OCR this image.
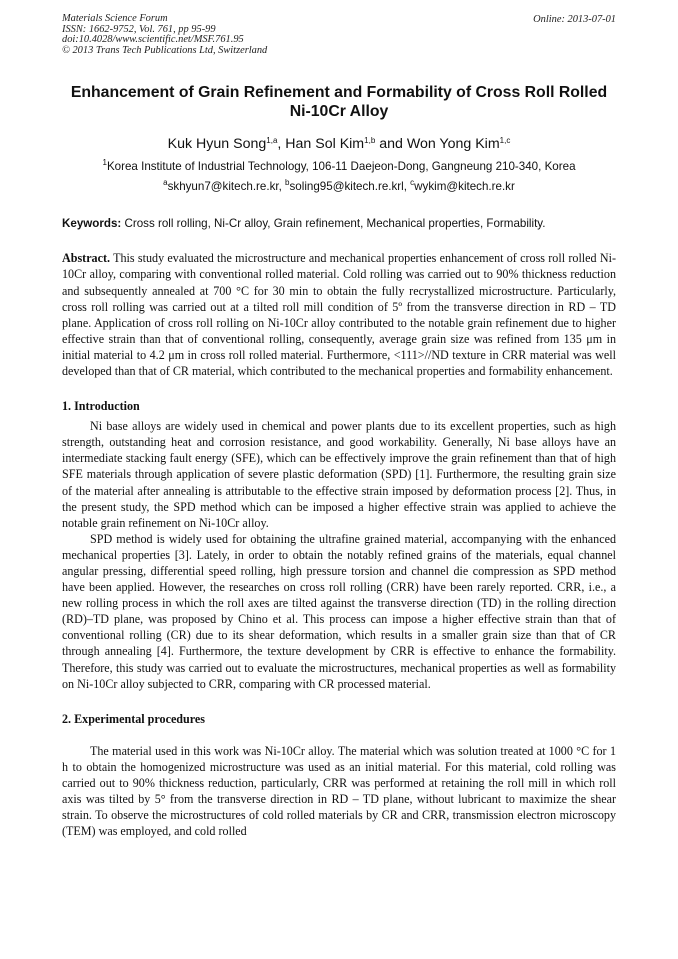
Materials Science Forum
ISSN: 1662-9752, Vol. 761, pp 95-99
doi:10.4028/www.scientific.net/MSF.761.95
© 2013 Trans Tech Publications Ltd, Switzerland
Online: 2013-07-01
Enhancement of Grain Refinement and Formability of Cross Roll Rolled Ni-10Cr Alloy
Kuk Hyun Song$^{1,a}$, Han Sol Kim$^{1,b}$ and Won Yong Kim$^{1,c}$
$^1$Korea Institute of Industrial Technology, 106-11 Daejeon-Dong, Gangneung 210-340, Korea
$^a$skhyun7@kitech.re.kr, $^b$soling95@kitech.re.krl, $^c$wykim@kitech.re.kr
Keywords: Cross roll rolling, Ni-Cr alloy, Grain refinement, Mechanical properties, Formability.
Abstract. This study evaluated the microstructure and mechanical properties enhancement of cross roll rolled Ni-10Cr alloy, comparing with conventional rolled material. Cold rolling was carried out to 90% thickness reduction and subsequently annealed at 700 °C for 30 min to obtain the fully recrystallized microstructure. Particularly, cross roll rolling was carried out at a tilted roll mill condition of 5º from the transverse direction in RD – TD plane. Application of cross roll rolling on Ni-10Cr alloy contributed to the notable grain refinement due to higher effective strain than that of conventional rolling, consequently, average grain size was refined from 135 μm in initial material to 4.2 μm in cross roll rolled material. Furthermore, <111>//ND texture in CRR material was well developed than that of CR material, which contributed to the mechanical properties and formability enhancement.
1. Introduction
Ni base alloys are widely used in chemical and power plants due to its excellent properties, such as high strength, outstanding heat and corrosion resistance, and good workability. Generally, Ni base alloys have an intermediate stacking fault energy (SFE), which can be effectively improve the grain refinement than that of high SFE materials through application of severe plastic deformation (SPD) [1]. Furthermore, the resulting grain size of the material after annealing is attributable to the effective strain imposed by deformation process [2]. Thus, in the present study, the SPD method which can be imposed a higher effective strain was applied to achieve the notable grain refinement on Ni-10Cr alloy.
SPD method is widely used for obtaining the ultrafine grained material, accompanying with the enhanced mechanical properties [3]. Lately, in order to obtain the notably refined grains of the materials, equal channel angular pressing, differential speed rolling, high pressure torsion and channel die compression as SPD method have been applied. However, the researches on cross roll rolling (CRR) have been rarely reported. CRR, i.e., a new rolling process in which the roll axes are tilted against the transverse direction (TD) in the rolling direction (RD)–TD plane, was proposed by Chino et al. This process can impose a higher effective strain than that of conventional rolling (CR) due to its shear deformation, which results in a smaller grain size than that of CR through annealing [4]. Furthermore, the texture development by CRR is effective to enhance the formability. Therefore, this study was carried out to evaluate the microstructures, mechanical properties as well as formability on Ni-10Cr alloy subjected to CRR, comparing with CR processed material.
2. Experimental procedures
The material used in this work was Ni-10Cr alloy. The material which was solution treated at 1000 °C for 1 h to obtain the homogenized microstructure was used as an initial material. For this material, cold rolling was carried out to 90% thickness reduction, particularly, CRR was performed at retaining the roll mill in which roll axis was tilted by 5° from the transverse direction in RD – TD plane, without lubricant to maximize the shear strain. To observe the microstructures of cold rolled materials by CR and CRR, transmission electron microscopy (TEM) was employed, and cold rolled
